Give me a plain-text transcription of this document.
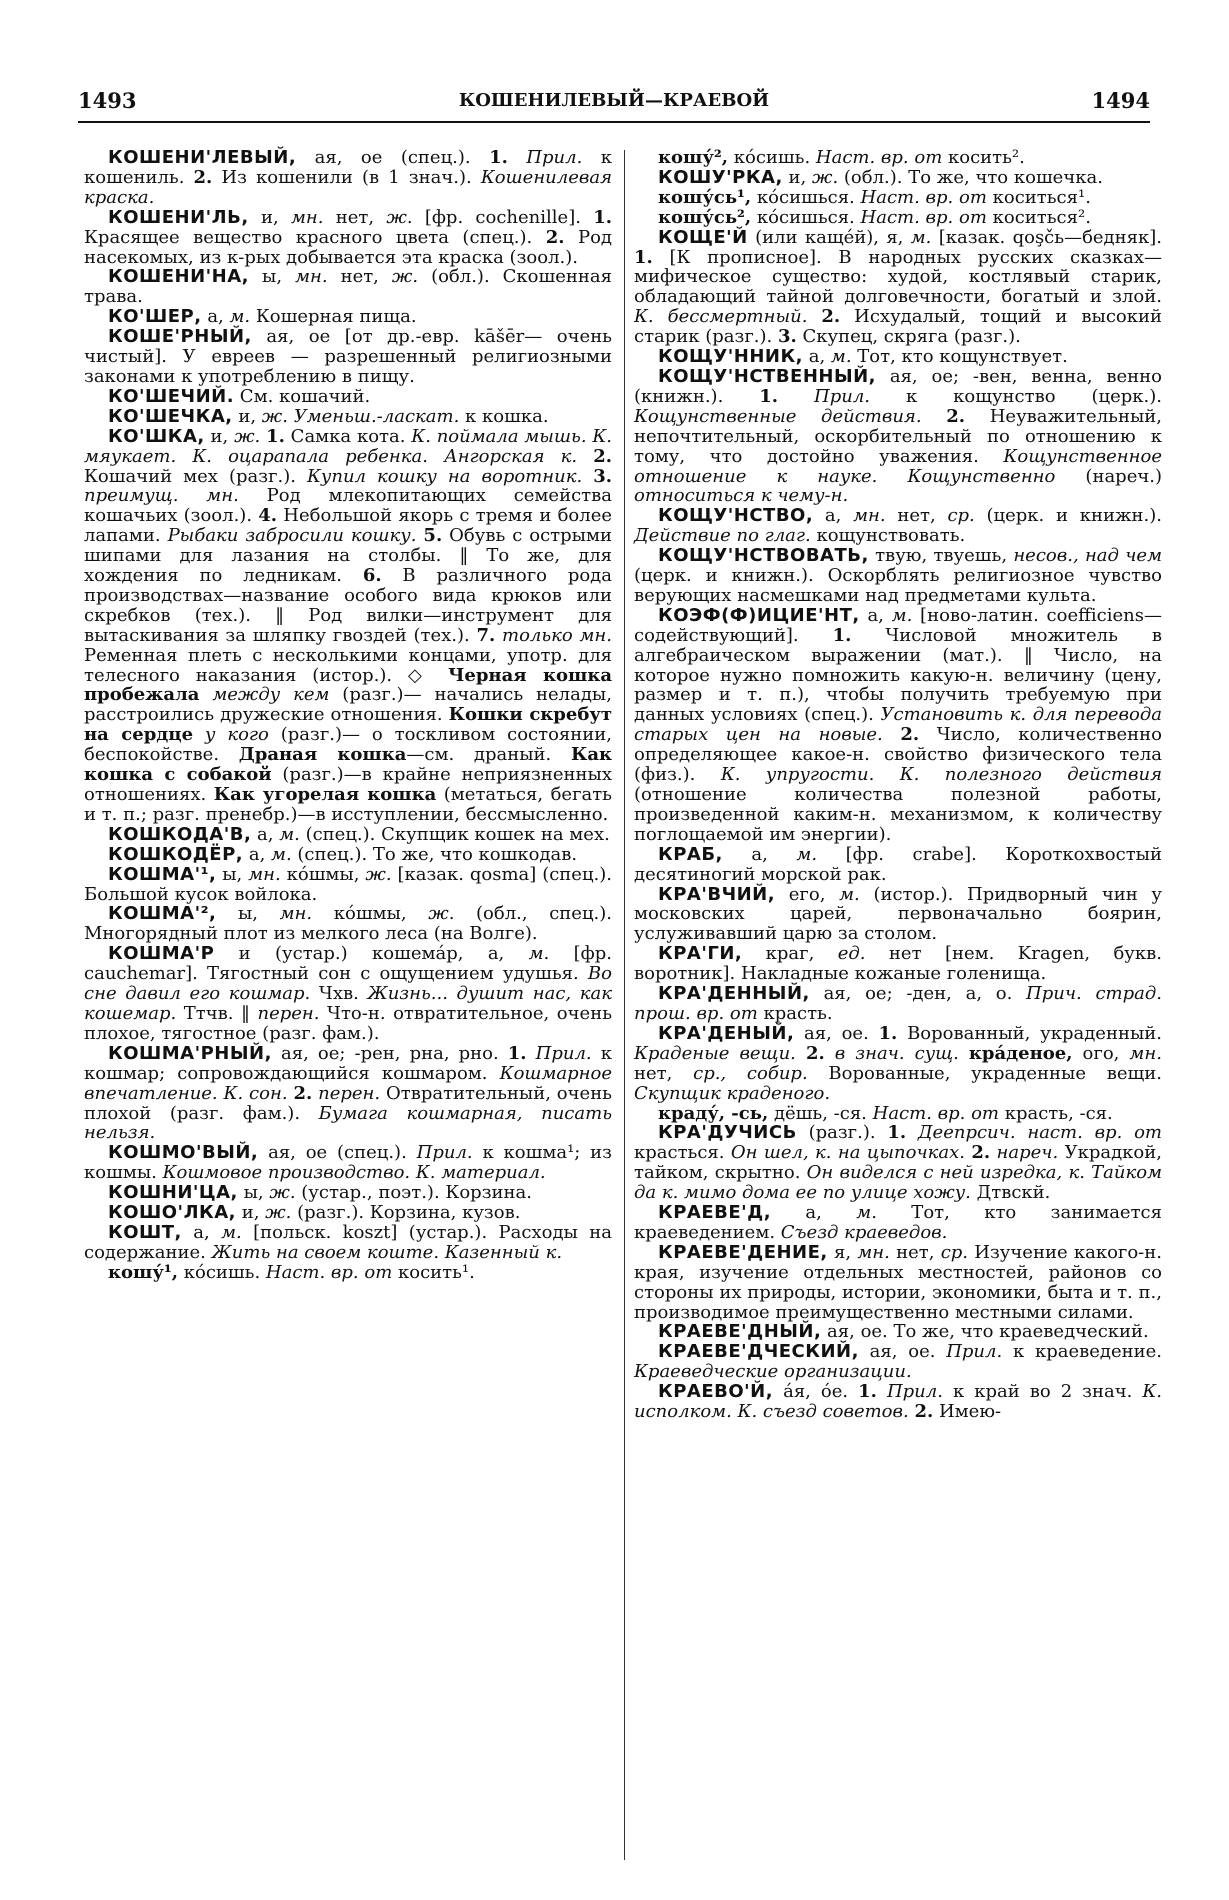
КОШЕНИЛЕВЫЙ—КРАЕВОЙ
1493	1494

КОШЕНИ'ЛЕВЫЙ, ая, ое (спец.). 1. Прил. к кошениль. 2. Из кошенили (в 1 знач.). Кошенилевая краска.

КОШЕНИ'ЛЬ, и, мн. нет, ж. [фр. cochenille]. 1. Красящее вещество красного цвета (спец.). 2. Род насекомых, из к-рых добывается эта краска (зоол.).

КОШЕНИ'НА, ы, мн. нет, ж. (обл.). Скошенная трава.

КО'ШЕР, а, м. Кошерная пища.

КОШЕ'РНЫЙ, ая, ое [от др.-евр. kāšēr— очень чистый]. У евреев — разрешенный религиозными законами к употреблению в пищу.

КО'ШЕЧИЙ. См. кошачий.

КО'ШЕЧКА, и, ж. Уменьш.-ласкат. к кошка.

КО'ШКА, и, ж. 1. Самка кота. К. поймала мышь. К. мяукает. К. оцарапала ребенка. Ангорская к. 2. Кошачий мех (разг.). Купил кошку на воротник. 3. преимущ. мн. Род млекопитающих семейства кошачьих (зоол.). 4. Небольшой якорь с тремя и более лапами. Рыбаки забросили кошку. 5. Обувь с острыми шипами для лазания на столбы. ‖ То же, для хождения по ледникам. 6. В различного рода производствах—название особого вида крюков или скребков (тех.). ‖ Род вилки—инструмент для вытаскивания за шляпку гвоздей (тех.). 7. только мн. Ременная плеть с несколькими концами, употр. для телесного наказания (истор.). ◇ Черная кошка пробежала между кем (разг.)— начались нелады, расстроились дружеские отношения. Кошки скребут на сердце у кого (разг.)— о тоскливом состоянии, беспокойстве. Драная кошка—см. драный. Как кошка с собакой (разг.)—в крайне неприязненных отношениях. Как угорелая кошка (метаться, бегать и т. п.; разг. пренебр.)—в исступлении, бессмысленно.

КОШКОДА'В, а, м. (спец.). Скупщик кошек на мех.

КОШКОДЁР, а, м. (спец.). То же, что кошкодав.

КОШМА'¹, ы, мн. кóшмы, ж. [казак. qosma] (спец.). Большой кусок войлока.

КОШМА'², ы, мн. кóшмы, ж. (обл., спец.). Многорядный плот из мелкого леса (на Волге).

КОШМА'Р и (устар.) кошемáр, а, м. [фр. cauchemar]. Тягостный сон с ощущением удушья. Во сне давил его кошмар. Чхв. Жизнь... душит нас, как кошемар. Ттчв. ‖ перен. Что-н. отвратительное, очень плохое, тягостное (разг. фам.).

КОШМА'РНЫЙ, ая, ое; -рен, рна, рно. 1. Прил. к кошмар; сопровождающийся кошмаром. Кошмарное впечатление. К. сон. 2. перен. Отвратительный, очень плохой (разг. фам.). Бумага кошмарная, писать нельзя.

КОШМО'ВЫЙ, ая, ое (спец.). Прил. к кошма¹; из кошмы. Кошмовое производство. К. материал.

КОШНИ'ЦА, ы, ж. (устар., поэт.). Корзина.

КОШО'ЛКА, и, ж. (разг.). Корзина, кузов.

КОШТ, а, м. [польск. koszt] (устар.). Расходы на содержание. Жить на своем коште. Казенный к.

кошу́¹, кóсишь. Наст. вр. от косить¹.

кошу́², кóсишь. Наст. вр. от косить².

КОШУ'РКА, и, ж. (обл.). То же, что кошечка.

кошу́сь¹, кóсишься. Наст. вр. от коситься¹.

кошу́сь², кóсишься. Наст. вр. от коситься².

КОЩЕ'Й (или кащéй), я, м. [казак. qoşčь—бедняк]. 1. [К прописное]. В народных русских сказках—мифическое существо: худой, костлявый старик, обладающий тайной долговечности, богатый и злой. К. бессмертный. 2. Исхудалый, тощий и высокий старик (разг.). 3. Скупец, скряга (разг.).

КОЩУ'ННИК, а, м. Тот, кто кощунствует.

КОЩУ'НСТВЕННЫЙ, ая, ое; -вен, венна, венно (книжн.). 1. Прил. к кощунство (церк.). Кощунственные действия. 2. Неуважительный, непочтительный, оскорбительный по отношению к тому, что достойно уважения. Кощунственное отношение к науке. Кощунственно (нареч.) относиться к чему-н.

КОЩУ'НСТВО, а, мн. нет, ср. (церк. и книжн.). Действие по глаг. кощунствовать.

КОЩУ'НСТВОВАТЬ, твую, твуешь, несов., над чем (церк. и книжн.). Оскорблять религиозное чувство верующих насмешками над предметами культа.

КОЭФ(Ф)ИЦИЕ'НТ, а, м. [ново-латин. coefficiens—содействующий]. 1. Числовой множитель в алгебраическом выражении (мат.). ‖ Число, на которое нужно помножить какую-н. величину (цену, размер и т. п.), чтобы получить требуемую при данных условиях (спец.). Установить к. для перевода старых цен на новые. 2. Число, количественно определяющее какое-н. свойство физического тела (физ.). К. упругости. К. полезного действия (отношение количества полезной работы, произведенной каким-н. механизмом, к количеству поглощаемой им энергии).

КРАБ, а, м. [фр. crabe]. Короткохвостый десятиногий морской рак.

КРА'ВЧИЙ, его, м. (истор.). Придворный чин у московских царей, первоначально боярин, услуживавший царю за столом.

КРА'ГИ, краг, ед. нет [нем. Kragen, букв. воротник]. Накладные кожаные голенища.

КРА'ДЕННЫЙ, ая, ое; -ден, а, о. Прич. страд. прош. вр. от красть.

КРА'ДЕНЫЙ, ая, ое. 1. Ворованный, украденный. Краденые вещи. 2. в знач. сущ. крáденое, ого, мн. нет, ср., собир. Ворованные, украденные вещи. Скупщик краденого.

краду́, -сь, дёшь, -ся. Наст. вр. от красть, -ся.

КРА'ДУЧИСЬ (разг.). 1. Деепрcич. наст. вр. от красться. Он шел, к. на цыпочках. 2. нареч. Украдкой, тайком, скрытно. Он виделся с ней изредка, к. Тайком да к. мимо дома ее по улице хожу. Дтвскй.

КРАЕВЕ'Д, а, м. Тот, кто занимается краеведением. Съезд краеведов.

КРАЕВЕ'ДЕНИЕ, я, мн. нет, ср. Изучение какого-н. края, изучение отдельных местностей, районов со стороны их природы, истории, экономики, быта и т. п., производимое преимущественно местными силами.

КРАЕВЕ'ДНЫЙ, ая, ое. То же, что краеведческий.

КРАЕВЕ'ДЧЕСКИЙ, ая, ое. Прил. к краеведение. Краеведческие организации.

КРАЕВО'Й, áя, óе. 1. Прил. к край во 2 знач. К. исполком. К. съезд советов. 2. Имею-
